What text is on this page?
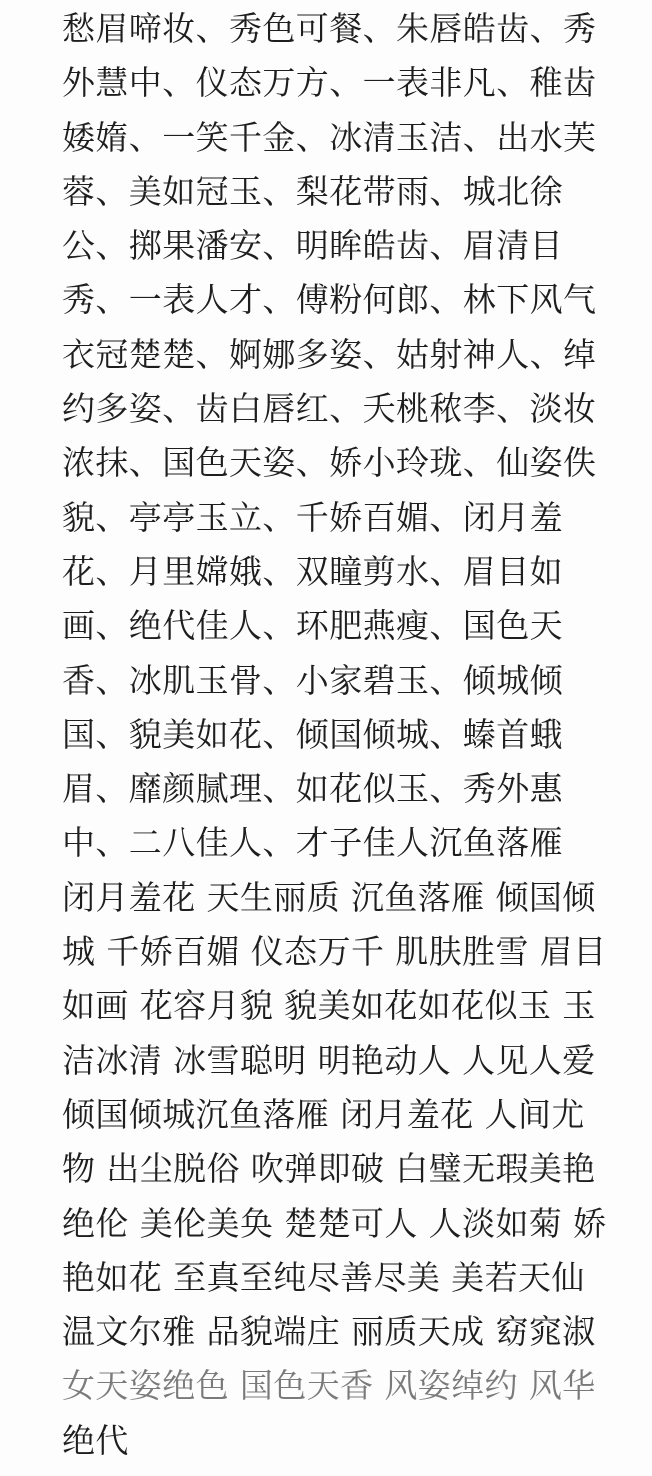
愁眉啼妆、秀色可餐、朱唇皓齿、秀
外慧中、仪态万方、一表非凡、稚齿
婑媠、一笑千金、冰清玉洁、出水芙
蓉、美如冠玉、梨花带雨、城北徐
公、掷果潘安、明眸皓齿、眉清目
秀、一表人才、傅粉何郎、林下风气
衣冠楚楚、婀娜多姿、姑射神人、绰
约多姿、齿白唇红、夭桃秾李、淡妆
浓抹、国色天姿、娇小玲珑、仙姿佚
貌、亭亭玉立、千娇百媚、闭月羞
花、月里嫦娥、双瞳剪水、眉目如
画、绝代佳人、环肥燕瘦、国色天
香、冰肌玉骨、小家碧玉、倾城倾
国、貌美如花、倾国倾城、螓首蛾
眉、靡颜腻理、如花似玉、秀外惠
中、二八佳人、才子佳人沉鱼落雁
闭月羞花 天生丽质 沉鱼落雁 倾国倾
城 千娇百媚 仪态万千 肌肤胜雪 眉目
如画 花容月貌 貌美如花如花似玉 玉
洁冰清 冰雪聪明 明艳动人 人见人爱
倾国倾城沉鱼落雁 闭月羞花 人间尤
物 出尘脱俗 吹弹即破 白璧无瑕美艳
绝伦 美伦美奂 楚楚可人 人淡如菊 娇
艳如花 至真至纯尽善尽美 美若天仙
温文尔雅 品貌端庄 丽质天成 窈窕淑
女天姿绝色 国色天香 风姿绰约 风华
绝代
